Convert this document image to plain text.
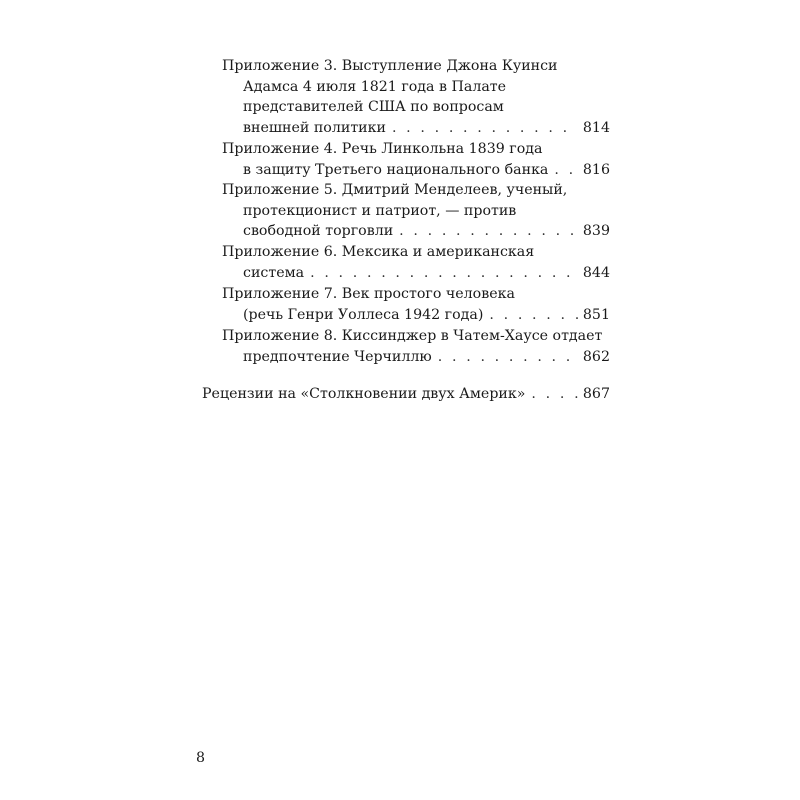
Приложение 3. Выступление Джона Куинси
Адамса 4 июля 1821 года в Палате
представителей США по вопросам
внешней политики . . .	814
Приложение 4. Речь Линкольна 1839 года
в защиту Третьего национального банка . . . 816
Приложение 5. Дмитрий Менделеев, ученый,
протекционист и патриот, — против
свободной торговли . . .	839
Приложение 6. Мексика и американская
система . . .	844
Приложение 7. Век простого человека
(речь Генри Уоллеса 1942 года) . . .	851
Приложение 8. Киссинджер в Чатем-Хаусе отдает
предпочтение Черчиллю . . .	862
Рецензии на «Столкновении двух Америк» . . .	867
8
